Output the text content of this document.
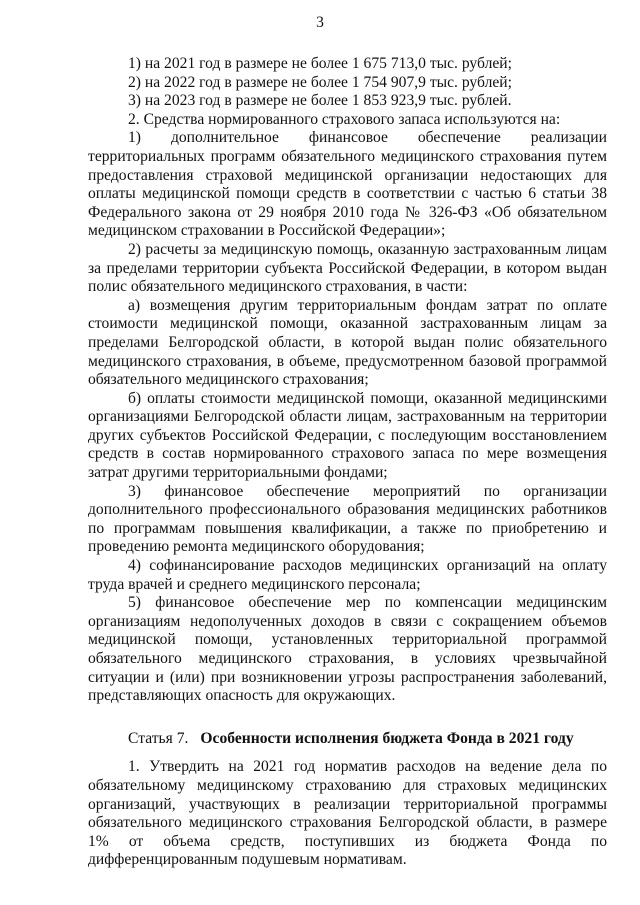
3

1) на 2021 год в размере не более 1 675 713,0 тыс. рублей;

2) на 2022 год в размере не более 1 754 907,9 тыс. рублей;

3) на 2023 год в размере не более 1 853 923,9 тыс. рублей.

2. Средства нормированного страхового запаса используются на:

1) дополнительное финансовое обеспечение реализации территориальных программ обязательного медицинского страхования путем предоставления страховой медицинской организации недостающих для оплаты медицинской помощи средств в соответствии с частью 6 статьи 38 Федерального закона от 29 ноября 2010 года № 326-ФЗ «Об обязательном медицинском страховании в Российской Федерации»;

2) расчеты за медицинскую помощь, оказанную застрахованным лицам за пределами территории субъекта Российской Федерации, в котором выдан полис обязательного медицинского страхования, в части:

а) возмещения другим территориальным фондам затрат по оплате стоимости медицинской помощи, оказанной застрахованным лицам за пределами Белгородской области, в которой выдан полис обязательного медицинского страхования, в объеме, предусмотренном базовой программой обязательного медицинского страхования;

б) оплаты стоимости медицинской помощи, оказанной медицинскими организациями Белгородской области лицам, застрахованным на территории других субъектов Российской Федерации, с последующим восстановлением средств в состав нормированного страхового запаса по мере возмещения затрат другими территориальными фондами;

3) финансовое обеспечение мероприятий по организации дополнительного профессионального образования медицинских работников по программам повышения квалификации, а также по приобретению и проведению ремонта медицинского оборудования;

4) софинансирование расходов медицинских организаций на оплату труда врачей и среднего медицинского персонала;

5) финансовое обеспечение мер по компенсации медицинским организациям недополученных доходов в связи с сокращением объемов медицинской помощи, установленных территориальной программой обязательного медицинского страхования, в условиях чрезвычайной ситуации и (или) при возникновении угрозы распространения заболеваний, представляющих опасность для окружающих.

Статья 7. Особенности исполнения бюджета Фонда в 2021 году

1. Утвердить на 2021 год норматив расходов на ведение дела по обязательному медицинскому страхованию для страховых медицинских организаций, участвующих в реализации территориальной программы обязательного медицинского страхования Белгородской области, в размере 1% от объема средств, поступивших из бюджета Фонда по дифференцированным подушевым нормативам.
